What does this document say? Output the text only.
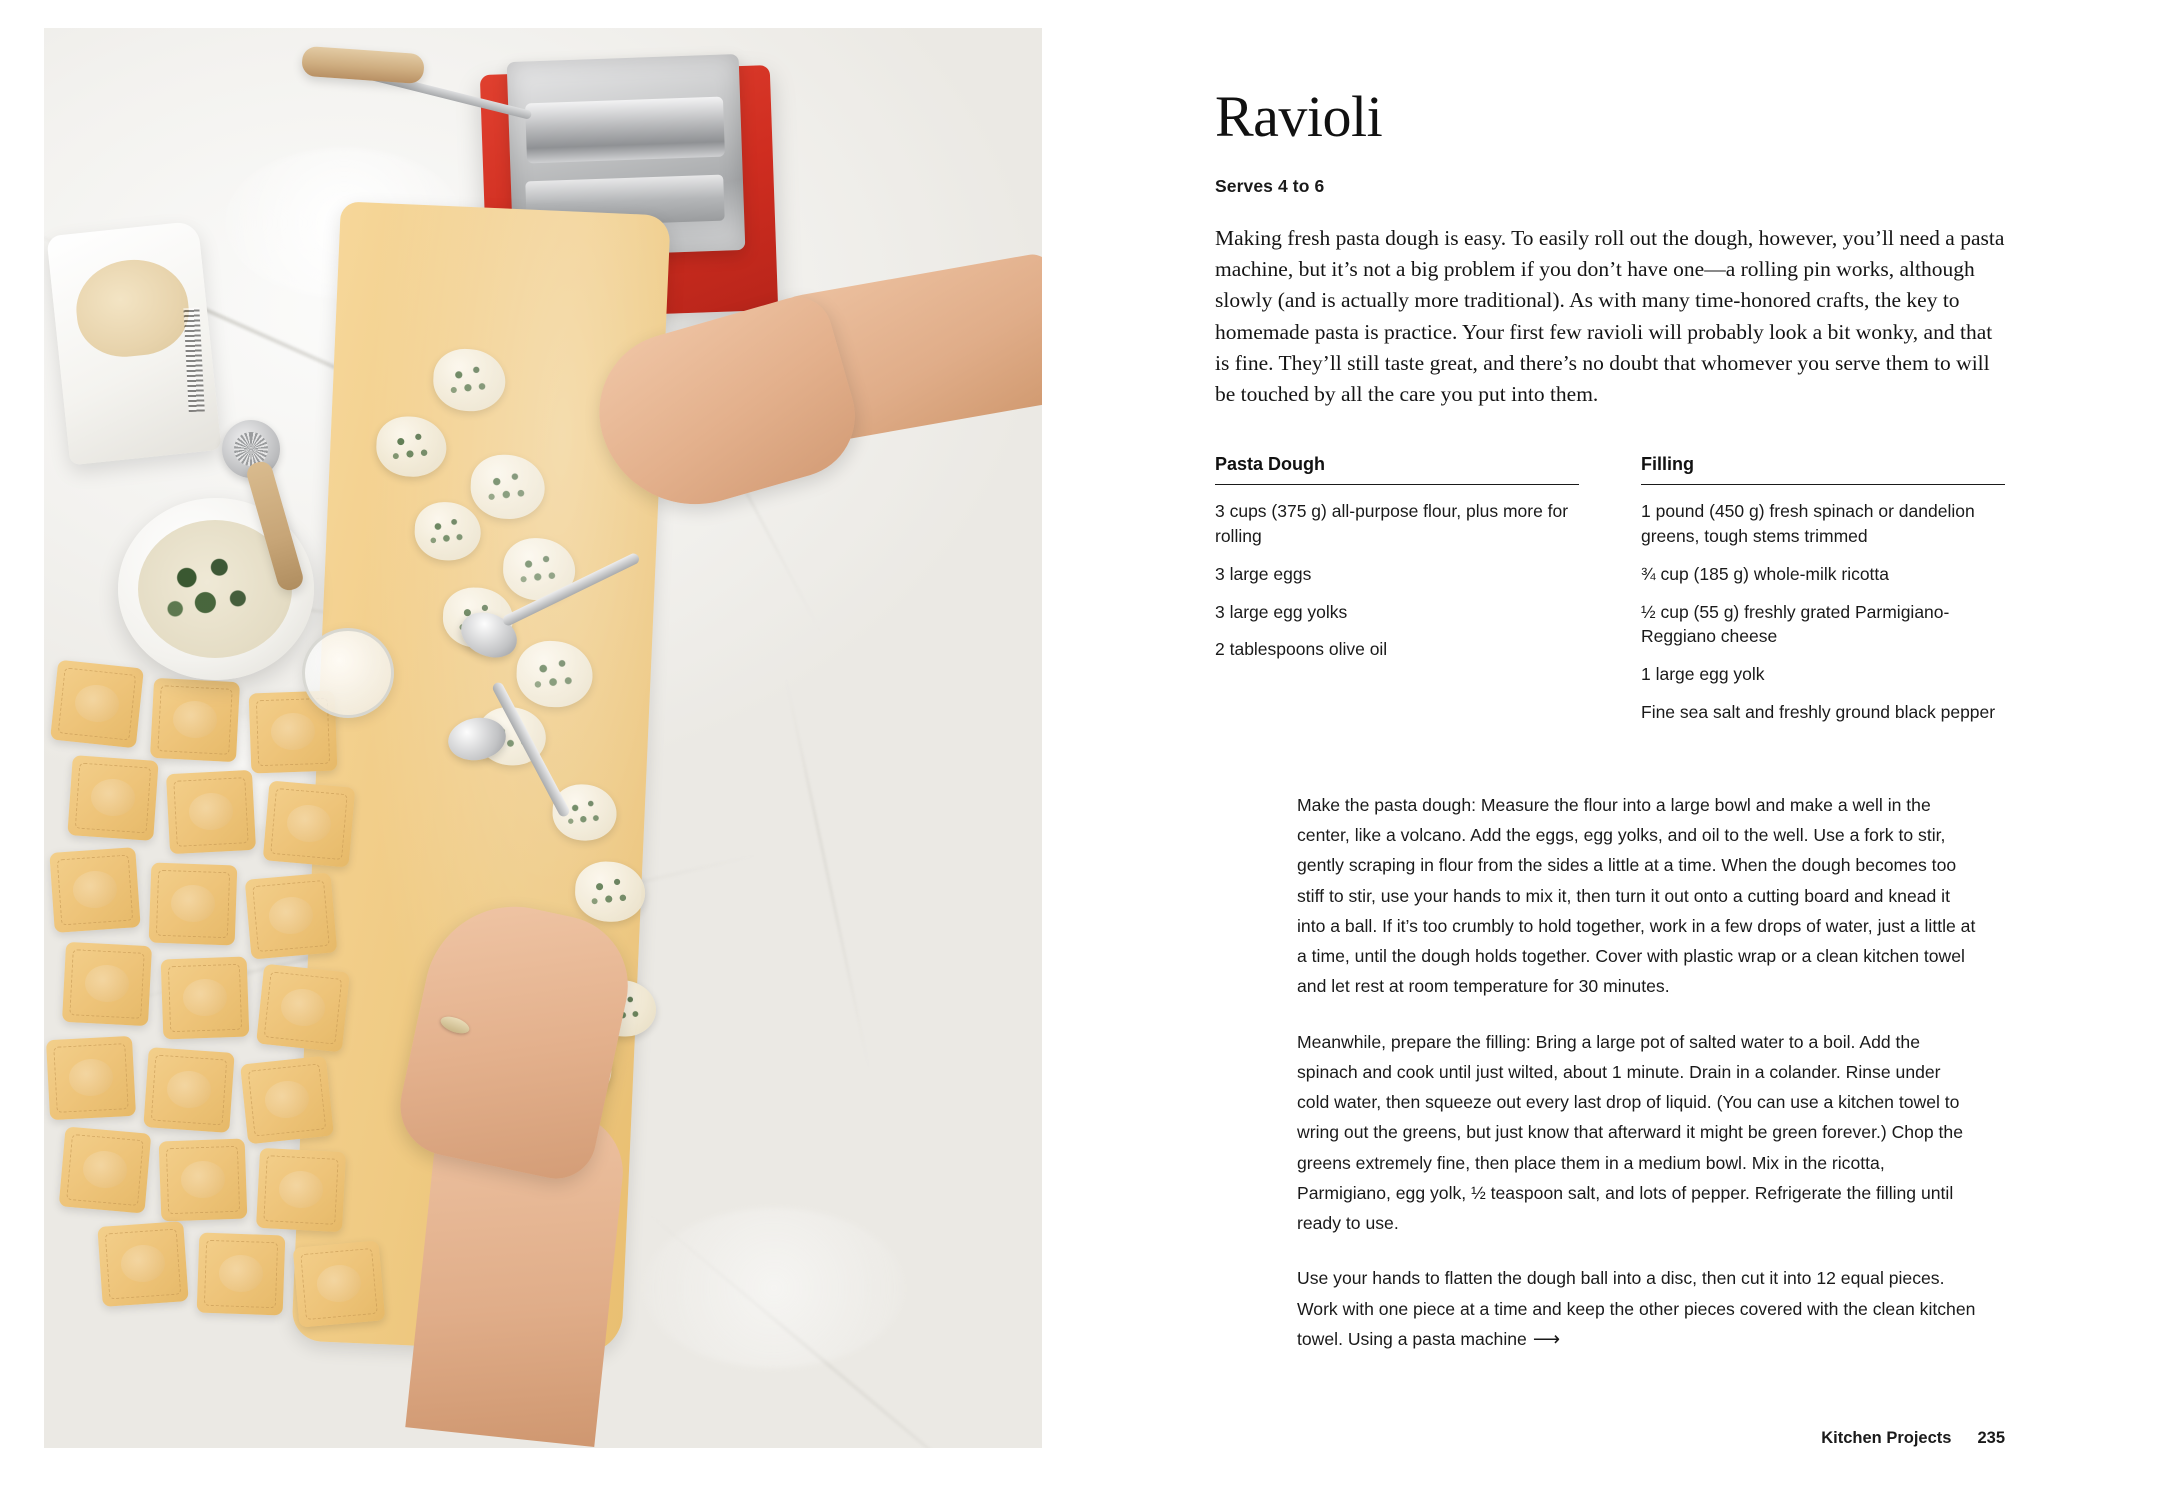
Ravioli
Serves 4 to 6

Making fresh pasta dough is easy. To easily roll out the dough, however, you’ll need a pasta machine, but it’s not a big problem if you don’t have one—a rolling pin works, although slowly (and is actually more traditional). As with many time-honored crafts, the key to homemade pasta is practice. Your first few ravioli will probably look a bit wonky, and that is fine. They’ll still taste great, and there’s no doubt that whomever you serve them to will be touched by all the care you put into them.

Pasta Dough
3 cups (375 g) all-purpose flour, plus more for rolling
3 large eggs
3 large egg yolks
2 tablespoons olive oil
Filling
1 pound (450 g) fresh spinach or dandelion greens, tough stems trimmed
¾ cup (185 g) whole-milk ricotta
½ cup (55 g) freshly grated Parmigiano-Reggiano cheese
1 large egg yolk
Fine sea salt and freshly ground black pepper

Make the pasta dough: Measure the flour into a large bowl and make a well in the center, like a volcano. Add the eggs, egg yolks, and oil to the well. Use a fork to stir, gently scraping in flour from the sides a little at a time. When the dough becomes too stiff to stir, use your hands to mix it, then turn it out onto a cutting board and knead it into a ball. If it’s too crumbly to hold together, work in a few drops of water, just a little at a time, until the dough holds together. Cover with plastic wrap or a clean kitchen towel and let rest at room temperature for 30 minutes.

Meanwhile, prepare the filling: Bring a large pot of salted water to a boil. Add the spinach and cook until just wilted, about 1 minute. Drain in a colander. Rinse under cold water, then squeeze out every last drop of liquid. (You can use a kitchen towel to wring out the greens, but just know that afterward it might be green forever.) Chop the greens extremely fine, then place them in a medium bowl. Mix in the ricotta, Parmigiano, egg yolk, ½ teaspoon salt, and lots of pepper. Refrigerate the filling until ready to use.

Use your hands to flatten the dough ball into a disc, then cut it into 12 equal pieces. Work with one piece at a time and keep the other pieces covered with the clean kitchen towel. Using a pasta machine ⟶

Kitchen Projects 235
